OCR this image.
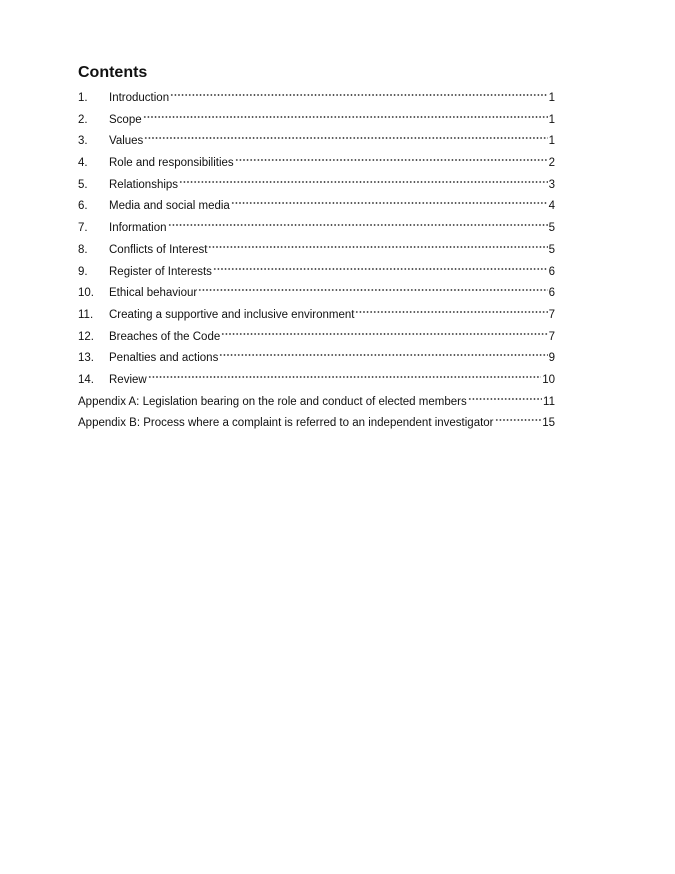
Contents
1.	Introduction	1
2.	Scope	1
3.	Values	1
4.	Role and responsibilities	2
5.	Relationships	3
6.	Media and social media	4
7.	Information	5
8.	Conflicts of Interest	5
9.	Register of Interests	6
10.	Ethical behaviour	6
11.	Creating a supportive and inclusive environment	7
12.	Breaches of the Code	7
13.	Penalties and actions	9
14.	Review	10
Appendix A: Legislation bearing on the role and conduct of elected members	11
Appendix B: Process where a complaint is referred to an independent investigator	15
